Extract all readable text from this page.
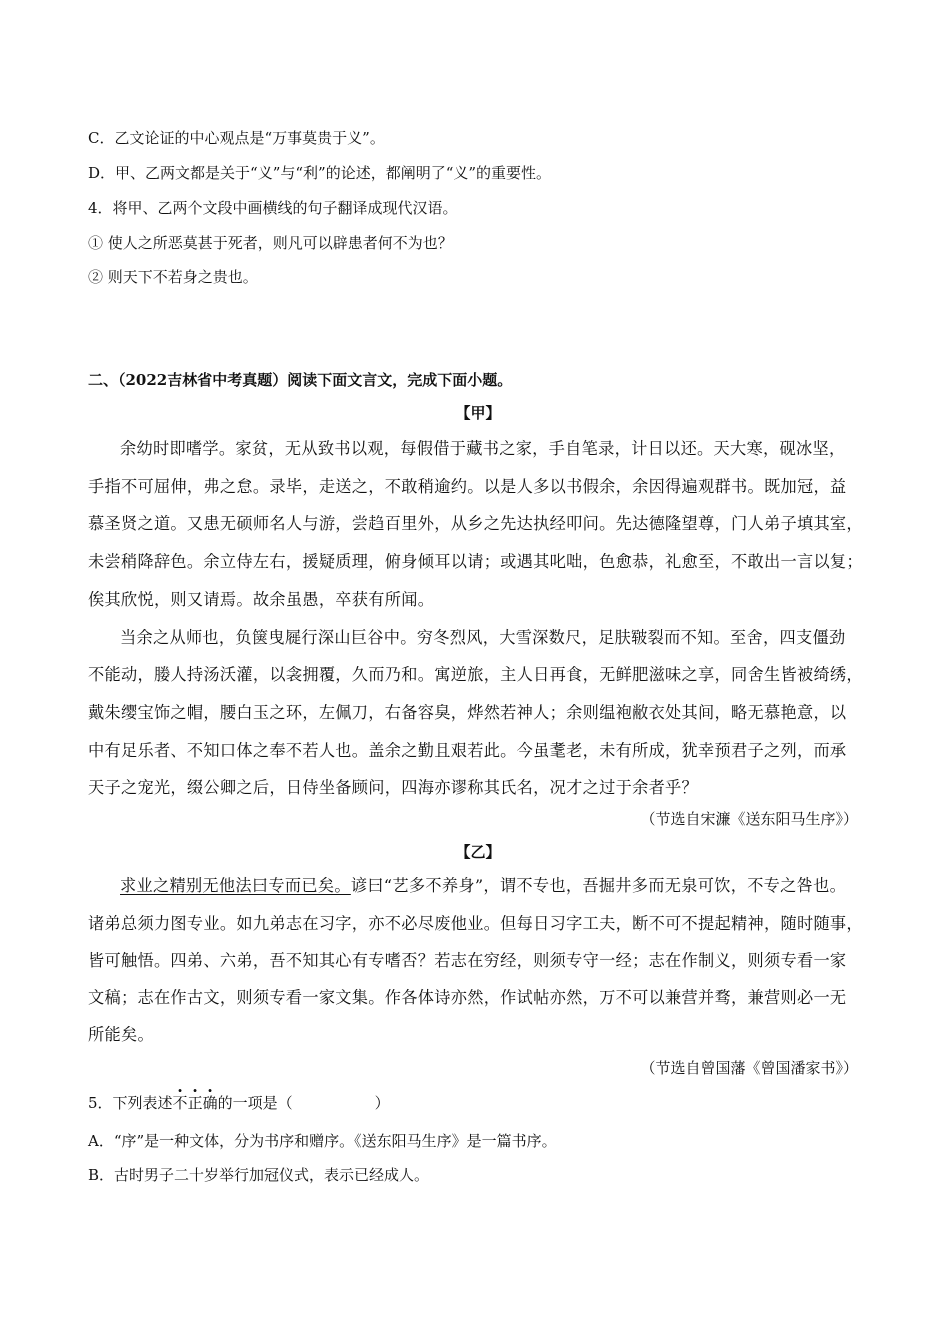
C．乙文论证的中心观点是“万事莫贵于义”。
D．甲、乙两文都是关于“义”与“利”的论述，都阐明了“义”的重要性。
4．将甲、乙两个文段中画横线的句子翻译成现代汉语。
① 使人之所恶莫甚于死者，则凡可以辟患者何不为也？
② 则天下不若身之贵也。
二、（2022吉林省中考真题）阅读下面文言文，完成下面小题。
【甲】
余幼时即嗜学。家贫，无从致书以观，每假借于藏书之家，手自笔录，计日以还。天大寒，砚冰坚，
手指不可屈伸，弗之怠。录毕，走送之，不敢稍逾约。以是人多以书假余，余因得遍观群书。既加冠，益
慕圣贤之道。又患无硕师名人与游，尝趋百里外，从乡之先达执经叩问。先达德隆望尊，门人弟子填其室，
未尝稍降辞色。余立侍左右，援疑质理，俯身倾耳以请；或遇其叱咄，色愈恭，礼愈至，不敢出一言以复；
俟其欣悦，则又请焉。故余虽愚，卒获有所闻。
当余之从师也，负箧曳屣行深山巨谷中。穷冬烈风，大雪深数尺，足肤皲裂而不知。至舍，四支僵劲
不能动，媵人持汤沃灌，以衾拥覆，久而乃和。寓逆旅，主人日再食，无鲜肥滋味之享，同舍生皆被绮绣，
戴朱缨宝饰之帽，腰白玉之环，左佩刀，右备容臭，烨然若神人；余则缊袍敝衣处其间，略无慕艳意，以
中有足乐者、不知口体之奉不若人也。盖余之勤且艰若此。今虽耄老，未有所成，犹幸预君子之列，而承
天子之宠光，缀公卿之后，日侍坐备顾问，四海亦谬称其氏名，况才之过于余者乎？
（节选自宋濂《送东阳马生序》）
【乙】
求业之精别无他法曰专而已矣。谚曰“艺多不养身”，谓不专也，吾掘井多而无泉可饮，不专之咎也。
诸弟总须力图专业。如九弟志在习字，亦不必尽废他业。但每日习字工夫，断不可不提起精神，随时随事，
皆可触悟。四弟、六弟，吾不知其心有专嗜否？若志在穷经，则须专守一经；志在作制义，则须专看一家
文稿；志在作古文，则须专看一家文集。作各体诗亦然，作试帖亦然，万不可以兼营并骛，兼营则必一无
所能矣。
（节选自曾国藩《曾国潘家书》）
5．下列表述不正确的一项是（	）
A．“序”是一种文体，分为书序和赠序。《送东阳马生序》是一篇书序。
B．古时男子二十岁举行加冠仪式，表示已经成人。
